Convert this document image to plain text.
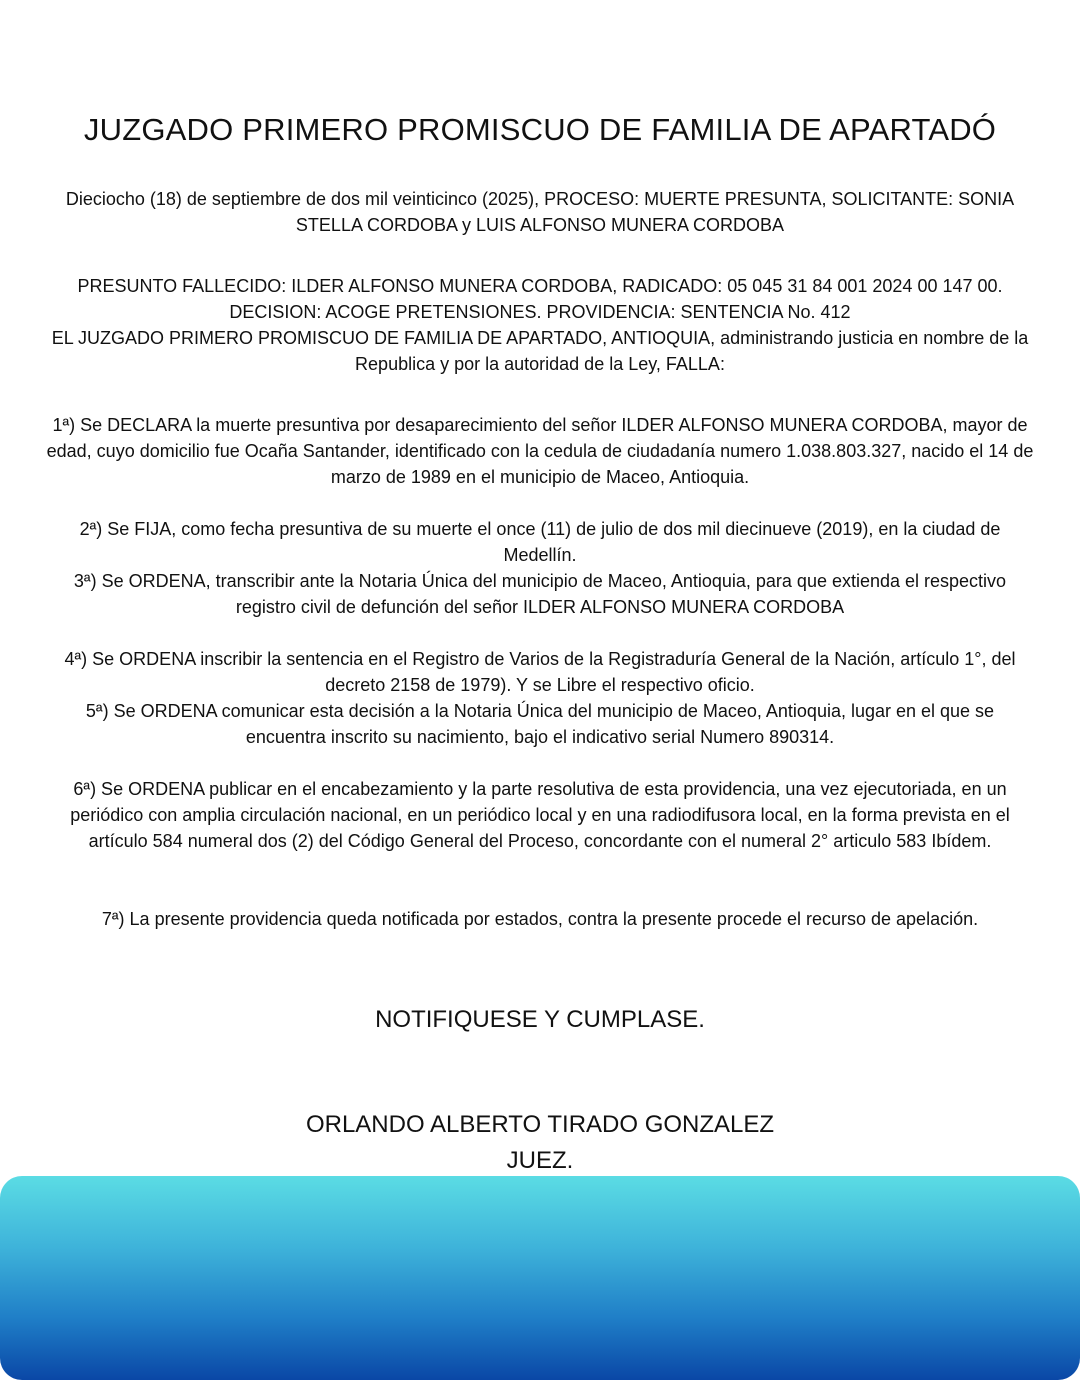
JUZGADO PRIMERO PROMISCUO DE FAMILIA DE APARTADÓ

Dieciocho (18) de septiembre de dos mil veinticinco (2025), PROCESO: MUERTE PRESUNTA, SOLICITANTE: SONIA STELLA CORDOBA y LUIS ALFONSO MUNERA CORDOBA

PRESUNTO FALLECIDO: ILDER ALFONSO MUNERA CORDOBA, RADICADO: 05 045 31 84 001 2024 00 147 00.

DECISION: ACOGE PRETENSIONES. PROVIDENCIA: SENTENCIA No. 412

EL JUZGADO PRIMERO PROMISCUO DE FAMILIA DE APARTADO, ANTIOQUIA, administrando justicia en nombre de la Republica y por la autoridad de la Ley, FALLA:

1ª) Se DECLARA la muerte presuntiva por desaparecimiento del señor ILDER ALFONSO MUNERA CORDOBA, mayor de edad, cuyo domicilio fue Ocaña Santander, identificado con la cedula de ciudadanía numero 1.038.803.327, nacido el 14 de marzo de 1989 en el municipio de Maceo, Antioquia.

2ª) Se FIJA, como fecha presuntiva de su muerte el once (11) de julio de dos mil diecinueve (2019), en la ciudad de Medellín.

3ª) Se ORDENA, transcribir ante la Notaria Única del municipio de Maceo, Antioquia, para que extienda el respectivo registro civil de defunción del señor ILDER ALFONSO MUNERA CORDOBA

4ª) Se ORDENA inscribir la sentencia en el Registro de Varios de la Registraduría General de la Nación, artículo 1°, del decreto 2158 de 1979). Y se Libre el respectivo oficio.

5ª) Se ORDENA comunicar esta decisión a la Notaria Única del municipio de Maceo, Antioquia, lugar en el que se encuentra inscrito su nacimiento, bajo el indicativo serial Numero 890314.

6ª) Se ORDENA publicar en el encabezamiento y la parte resolutiva de esta providencia, una vez ejecutoriada, en un periódico con amplia circulación nacional, en un periódico local y en una radiodifusora local, en la forma prevista en el artículo 584 numeral dos (2) del Código General del Proceso, concordante con el numeral 2° articulo 583 Ibídem.

7ª) La presente providencia queda notificada por estados, contra la presente procede el recurso de apelación.

NOTIFIQUESE Y CUMPLASE.

ORLANDO ALBERTO TIRADO GONZALEZ
JUEZ.
